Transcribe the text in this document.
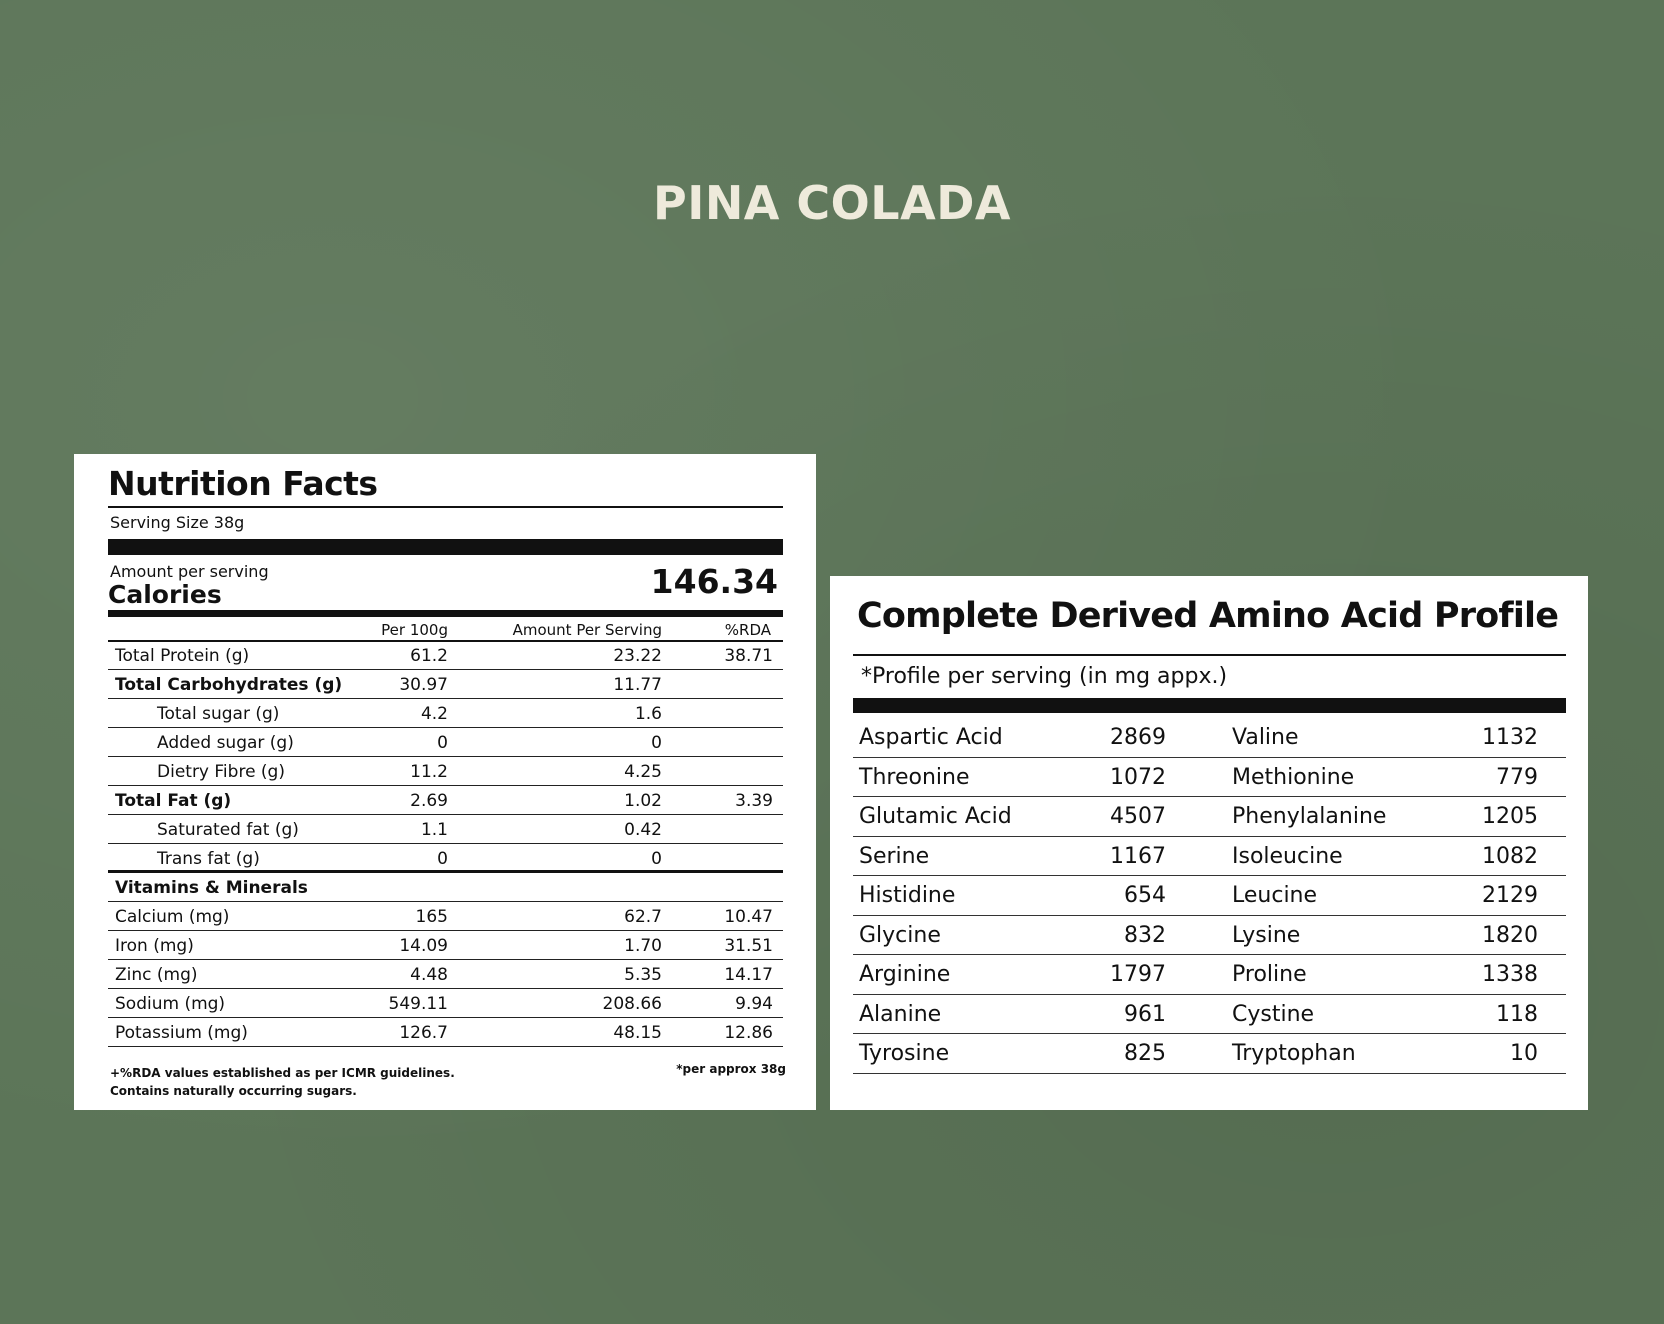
PINA COLADA
Nutrition Facts
Serving Size 38g
Amount per serving
Calories	146.34
Per 100g	Amount Per Serving	%RDA
Total Protein (g)	61.2	23.22	38.71
Total Carbohydrates (g)	30.97	11.77
Total sugar (g)	4.2	1.6
Added sugar (g)	0	0
Dietry Fibre (g)	11.2	4.25
Total Fat (g)	2.69	1.02	3.39
Saturated fat (g)	1.1	0.42
Trans fat (g)	0	0
Vitamins & Minerals
Calcium (mg)	165	62.7	10.47
Iron (mg)	14.09	1.70	31.51
Zinc (mg)	4.48	5.35	14.17
Sodium (mg)	549.11	208.66	9.94
Potassium (mg)	126.7	48.15	12.86
+%RDA values established as per ICMR guidelines.
Contains naturally occurring sugars.
*per approx 38g
Complete Derived Amino Acid Profile
*Profile per serving (in mg appx.)
Aspartic Acid	2869	Valine	1132
Threonine	1072	Methionine	779
Glutamic Acid	4507	Phenylalanine	1205
Serine	1167	Isoleucine	1082
Histidine	654	Leucine	2129
Glycine	832	Lysine	1820
Arginine	1797	Proline	1338
Alanine	961	Cystine	118
Tyrosine	825	Tryptophan	10
